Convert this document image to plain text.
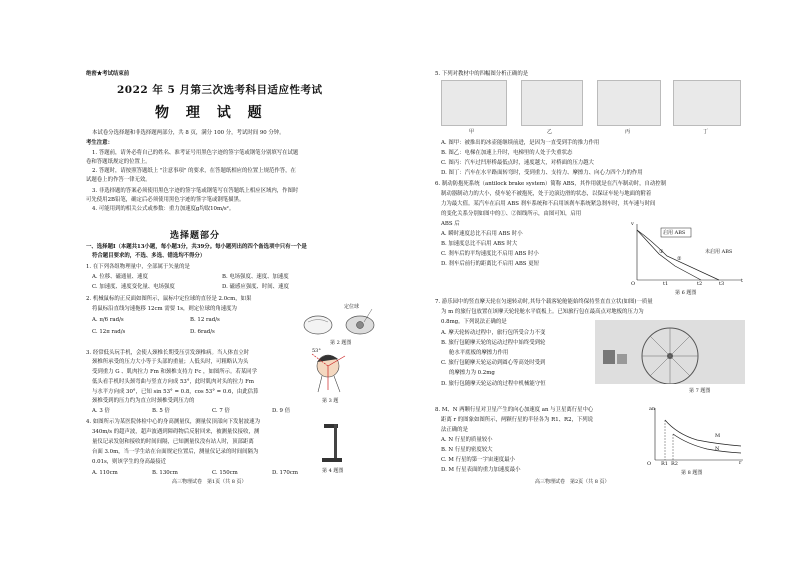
绝密★考试结束前
2022 年 5 月第三次选考科目适应性考试
物 理 试 题
本试卷分选择题和非选择题两部分，共 8 页，满分 100 分，考试时间 90 分钟。
考生注意：
1. 答题前，请务必将自己的姓名、准考证号用黑色字迹的签字笔或钢笔分别填写在试题
卷和答题纸规定的位置上。
2. 答题时，请按照答题纸上 "注意事项" 的要求，在答题纸相应的位置上规范作答，在
试题卷上的作答一律无效。
3. 非选择题的答案必须使用黑色字迹的签字笔或钢笔写在答题纸上相应区域内，作图时
可先使用2B铅笔，确定后必须使用黑色字迹的签字笔或钢笔描黑。
4. 可能用到的相关公式或参数：重力加速度g均取10m/s²。
选择题部分
一、选择题Ⅰ（本题共13小题，每小题3分，共39分。每小题列出的四个备选项中只有一个是
符合题目要求的，不选、多选、错选均不得分）
1. 在下列各组物理量中，全部属于矢量的是
A. 位移、磁通量、速度	B. 电场强度、速度、加速度
C. 加速度、速度变化量、电场强度	D. 磁感应强度、时间、速度
2. 机械鼠标的正反面如图所示，鼠标中定位球的直径是 2.0cm，如果
将鼠标沿直线匀速拖移 12cm 需要 1s，则定位球的角速度为
A. π/6 rad/s	B. 12 rad/s
C. 12π rad/s	D. 6rad/s
定位球
第 2 题图
3. 经常低头玩手机，会使人颈椎长期受压引发颈椎病。当人体直立时
颈椎所承受的压力大小等于头部的重量；人低头时，可粗略认为头
受到重力 G 、肌肉拉力 Fm 和颈椎支持力 Fc ，如图所示。若某同学
低头看手机时头颈弯曲与竖直方向成 53°，此时肌肉对头的拉力 Fm
与水平方向成 30°，已知 sin 53° = 0.8，cos 53° = 0.6，由此估算
颈椎受到的压力约为直立时颈椎受到压力的
A. 3 倍	B. 5 倍	C. 7 倍	D. 9 倍
53°
第 3 题
4. 如图所示为某医院体检中心的身高测量仪，测量仪顶部向下发射波速为
340m/s 的超声波，超声波遇到障碍物后反射回来，被测量仪接收，测
量仪记录发射和接收的时间间隔，已知测量仪没有站人时，顶部距离
台面 3.0m，当一学生站在台面规定位置后，测量仪记录的时间间隔为
0.01s，则该学生的身高最接近
A. 110cm	B. 130cm	C. 150cm	D. 170cm	第 4 题图
高三物理试卷　第1页（共 8 页）
5. 下列对教材中的四幅图分析正确的是
甲	乙	丙	丁
A. 图甲：被推出的冰壶能继续前进，是因为一直受到手的推力作用
B. 图乙：电梯在加速上升时，电梯里的人处于失重状态
C. 图丙：汽车过凹形桥最低点时，速度越大，对桥面的压力越大
D. 图丁：汽车在水平路面转弯时，受到重力、支持力、摩擦力、向心力四个力的作用
6. 制动防抱死系统（antilock brake system）简称 ABS，其作用就是在汽车制动时，自动控制
制动器制动力的大小，使车轮不被抱死，处于边滚边滑的状态，以保证车轮与地面的附着
力为最大值。某汽车在启用 ABS 刹车系统和不启用该刹车系统紧急刹车时，其车速与时间
的变化关系分别如图中的①、②图线所示，由图可知，启用
ABS 后
A. 瞬时速度总比不启用 ABS 时小
B. 加速度总比不启用 ABS 时大
C. 刹车后的平均速度比不启用 ABS 时小
D. 刹车后前行的距离比不启用 ABS 更短
v
t
O	t1	t2	t3
启用 ABS
未启用 ABS
①
②
第 6 题图
7. 游乐园中的竖直摩天轮在匀速转动时,其每个载客轮舱能始终保持竖直直立状(如图)一质量
为 m 的旅行包放置在该摩天轮轮舱水平底板上。已知旅行包在最高点对地板的压力为
0.8mg。下列说法正确的是
A. 摩天轮转动过程中，旅行包所受合力不变
B. 旅行包随摩天轮的运动过程中始终受到轮
舱水平底板的摩擦力作用
C. 旅行包随摩天轮运动到圆心等高处时受到
的摩擦力为 0.2mg
D. 旅行包随摩天轮运动的过程中机械能守恒
第 7 题图
8. M、N 两颗行星对卫星产生的向心加速度 an 与卫星离行星中心
距离 r 的图象如图所示，两颗行星的半径各为 R1、R2，下列说
法正确的是
A. N 行星的质量较小
B. N 行星的密度较大
C. M 行星的第一宇宙速度最小
D. M 行星表面的重力加速度最小
an
r
O R1 R2
M
N
第 8 题图
高三物理试卷　第2页（共 8 页）
